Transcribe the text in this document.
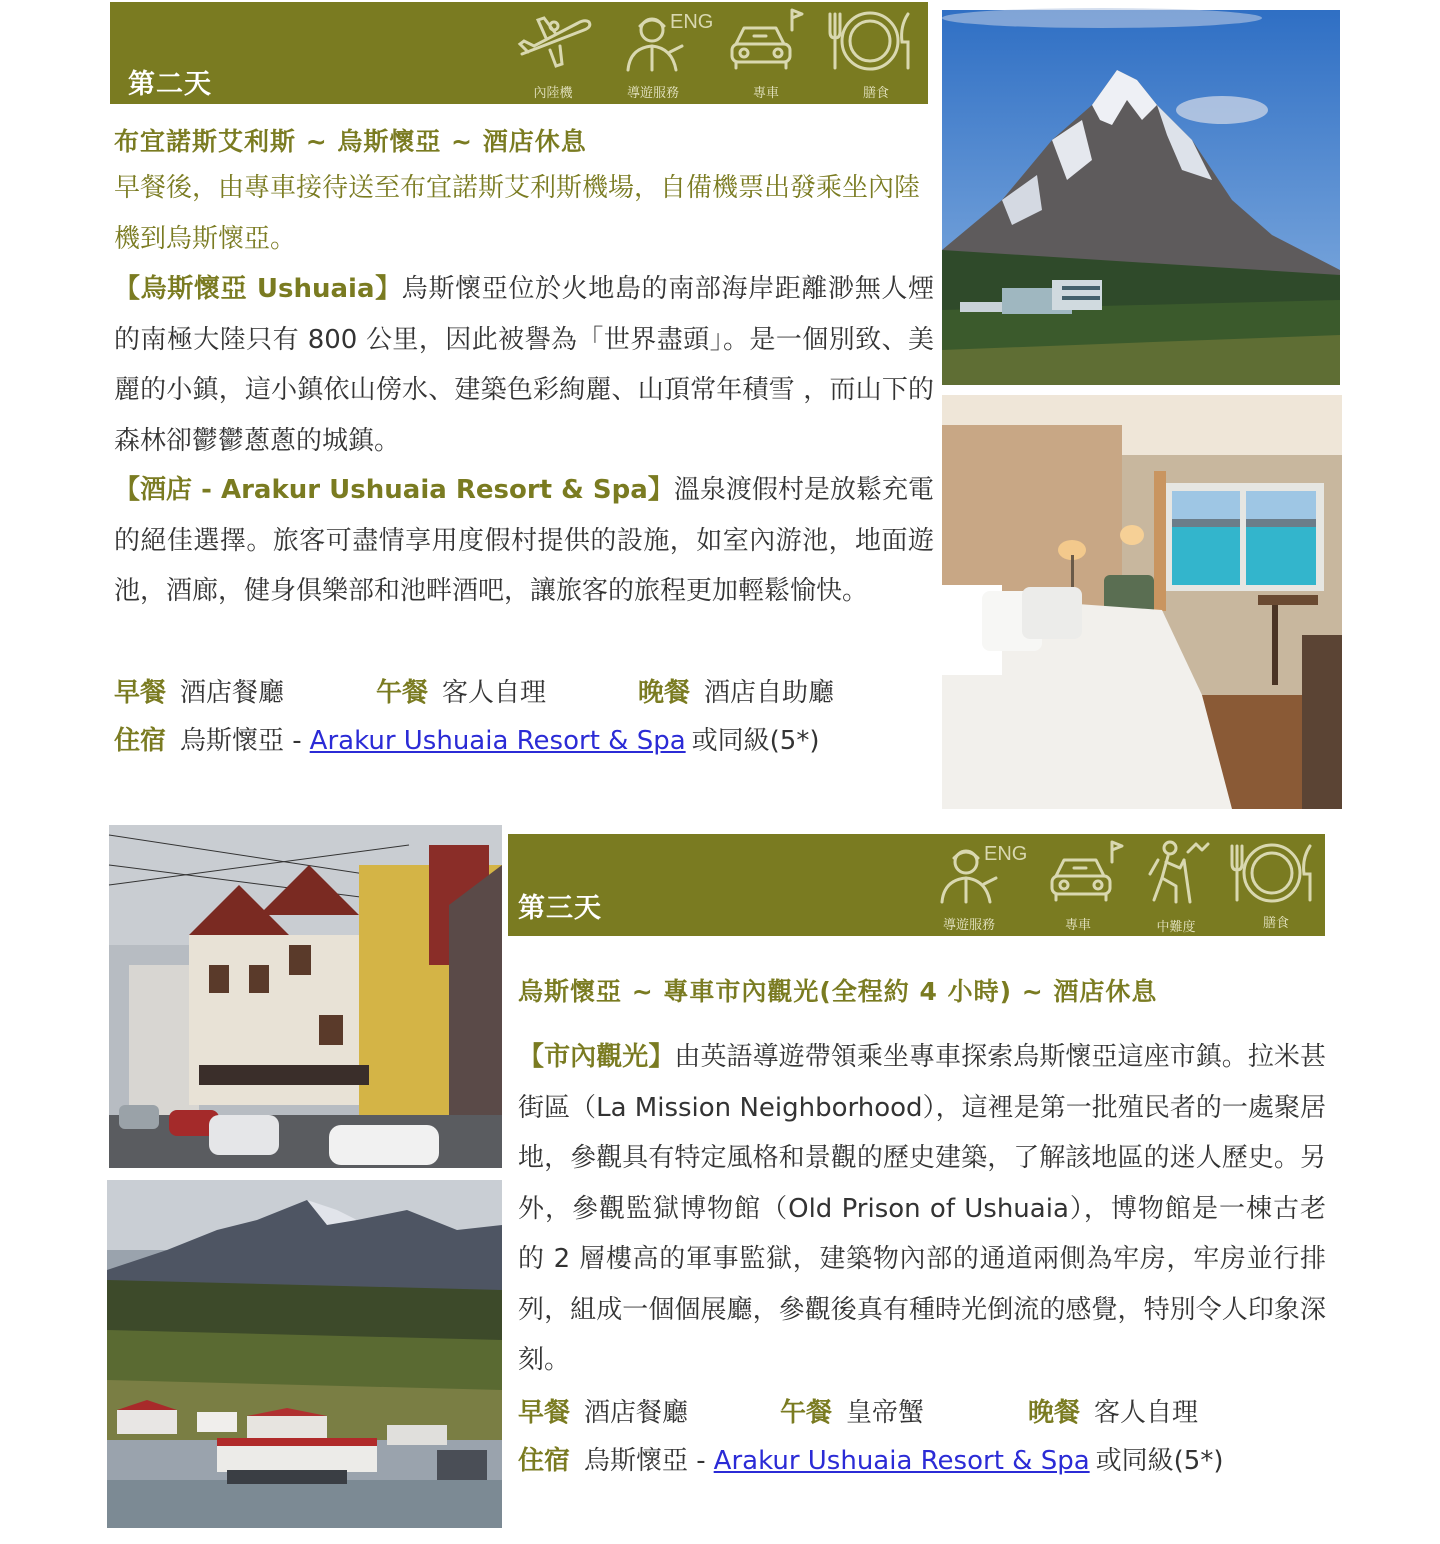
第二天	內陸機
ENG
導遊服務	專車	膳食
布宜諾斯艾利斯 ~ 烏斯懷亞 ~ 酒店休息

早餐後，由專車接待送至布宜諾斯艾利斯機場，自備機票出發乘坐內陸機到烏斯懷亞。

【烏斯懷亞 Ushuaia】烏斯懷亞位於火地島的南部海岸距離渺無人煙的南極大陸只有 800 公里，因此被譽為「世界盡頭」。是一個別致、美麗的小鎮，這小鎮依山傍水、建築色彩絢麗、山頂常年積雪 ，而山下的森林卻鬱鬱蔥蔥的城鎮。

【酒店 - Arakur Ushuaia Resort & Spa】溫泉渡假村是放鬆充電的絕佳選擇。旅客可盡情享用度假村提供的設施，如室內游池，地面遊池，酒廊，健身俱樂部和池畔酒吧，讓旅客的旅程更加輕鬆愉快。

早餐 酒店餐廳	午餐 客人自理	晚餐 酒店自助廳
住宿 烏斯懷亞 - Arakur Ushuaia Resort & Spa 或同級(5*)
第三天
ENG
導遊服務	專車	中難度	膳食
烏斯懷亞 ~ 專車市內觀光(全程約 4 小時) ~ 酒店休息

【市內觀光】由英語導遊帶領乘坐專車探索烏斯懷亞這座市鎮。拉米甚街區（La Mission Neighborhood），這裡是第一批殖民者的一處聚居地，參觀具有特定風格和景觀的歷史建築，了解該地區的迷人歷史。另外，參觀監獄博物館（Old Prison of Ushuaia），博物館是一棟古老的 2 層樓高的軍事監獄，建築物內部的通道兩側為牢房，牢房並行排列，組成一個個展廳，參觀後真有種時光倒流的感覺，特別令人印象深刻。

早餐 酒店餐廳	午餐 皇帝蟹	晚餐 客人自理
住宿 烏斯懷亞 - Arakur Ushuaia Resort & Spa 或同級(5*)
